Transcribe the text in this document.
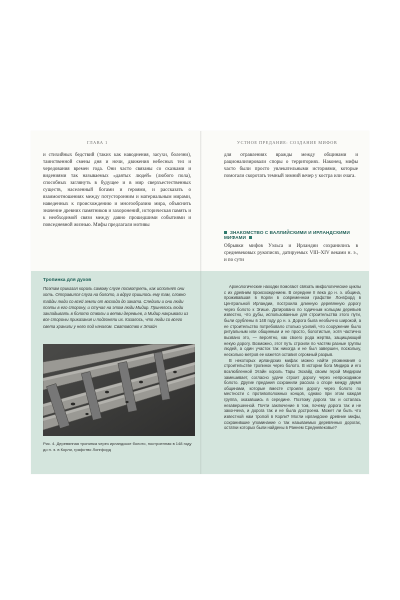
ГЛАВА 1	УСТНОЕ ПРЕДАНИЕ: СОЗДАНИЕ МИФОВ

и стихийных бедствий (таких как наводнения, засухи, болезни), таинственной смены дня и ночи, движения небесных тел и чередования времен года. Они часто связаны со сказками и видениями так называемых «даятых людей» (любого пола), способных заглянуть в будущее и в мир сверхъестественных существ, населенный богами и героями, и рассказать о взаимоотношениях между потусторонним и материальным мирами, наведенных к происхождению и многообразию мира, объяснить значение древних памятников и захоронений, историческая память и к необходимой связи между давно прошедшими событиями и повседневной жизнью. Мифы предлагали мотивы

для отравлениях вражды между общинами и рационализировали споры о территориях. Наконец, мифы часто были просто увлекательными историями, которые помогали скоротать темный зимний вечер у костра или очага.

ЗНАКОМСТВО С ВАЛЛИЙСКИМИ И ИРЛАНДСКИМИ МИФАМИ

Обрывки мифов Уэльса и Ирландии сохранились в средневековых рукописях, датируемых VIII–XIV веками н. э., и по сути

Тропинка для духов
Поэтам приказал король самому слуге посмотреть, как исполнят они хоть. Отправился слуга на болото, а вдруг пришлось ему там, словно тайды люди со всей земли от восхода до заката. Следили и они люди поэты в его сторону, и стучал на этом люди Мидир. Принялось люди закладывать в болото стволы и ветви деревьев, а Мидир накрывали из все стороны приказания и подгоняли их. Казалось, что люди со всего света хранили у него под началом. Сватовство к Этайн
Рис. 4. Деревянная тропинка через ирландское болото, построенная в 148 году до н. э. в Корли, графство Лонгфорд

Археологические находки помогают связать мифологические циклы с их древним происхождением. В середине II века до н. э. община, проживавшая в Корли в современном графстве Лонгфорд в Центральной Ирландии, построила длинную деревянную дорогу через болото к Эгишe. Датировано по годичным кольцам деревьев известно, что дубы, использованные для строительства этого пути, были срублены в 148 году до н. э. Дорога была необычно широкой, а ее строительство потребовало столько усилий, что сооружение было ритуальным или общинным и не просто, болотистые, хотя частично вызвано это, — вероятно, как своего рода жертва, защищающий некую дорогу. Возможно, этот путь строили по частям разные группы людей, а один участок так никогда и не был завершен, поскольку, несколько метров ее кажется оставил огромный разрыв.

В некоторых ирландских мифах можно найти упоминания о строительстве тропинок через болото. В истории бога Мидира и его возлюбленной Этайн король Тары Эохайд своим герой Мидиром замешивает, согласно удаче строит дорогу через непроходимое болото. Другие предания сохранили рассказ о споре между двумя общинами, которые вместе строили дорогу через болото по местности с противоположных концов, однако при этом каждая группа, оказавшись в середине. Поэтому дорога так и осталась незавершенной. Почти заключение в том, почему дорога так и не закончена, и дорога так и не была достроена. Может ли быть что известной нам тропой в Корли? Могли ирландские древние мифы, сохранившие упоминание о так называемых деревянных дорогах, остатки которых были найдены в Раннем Средневековье?
